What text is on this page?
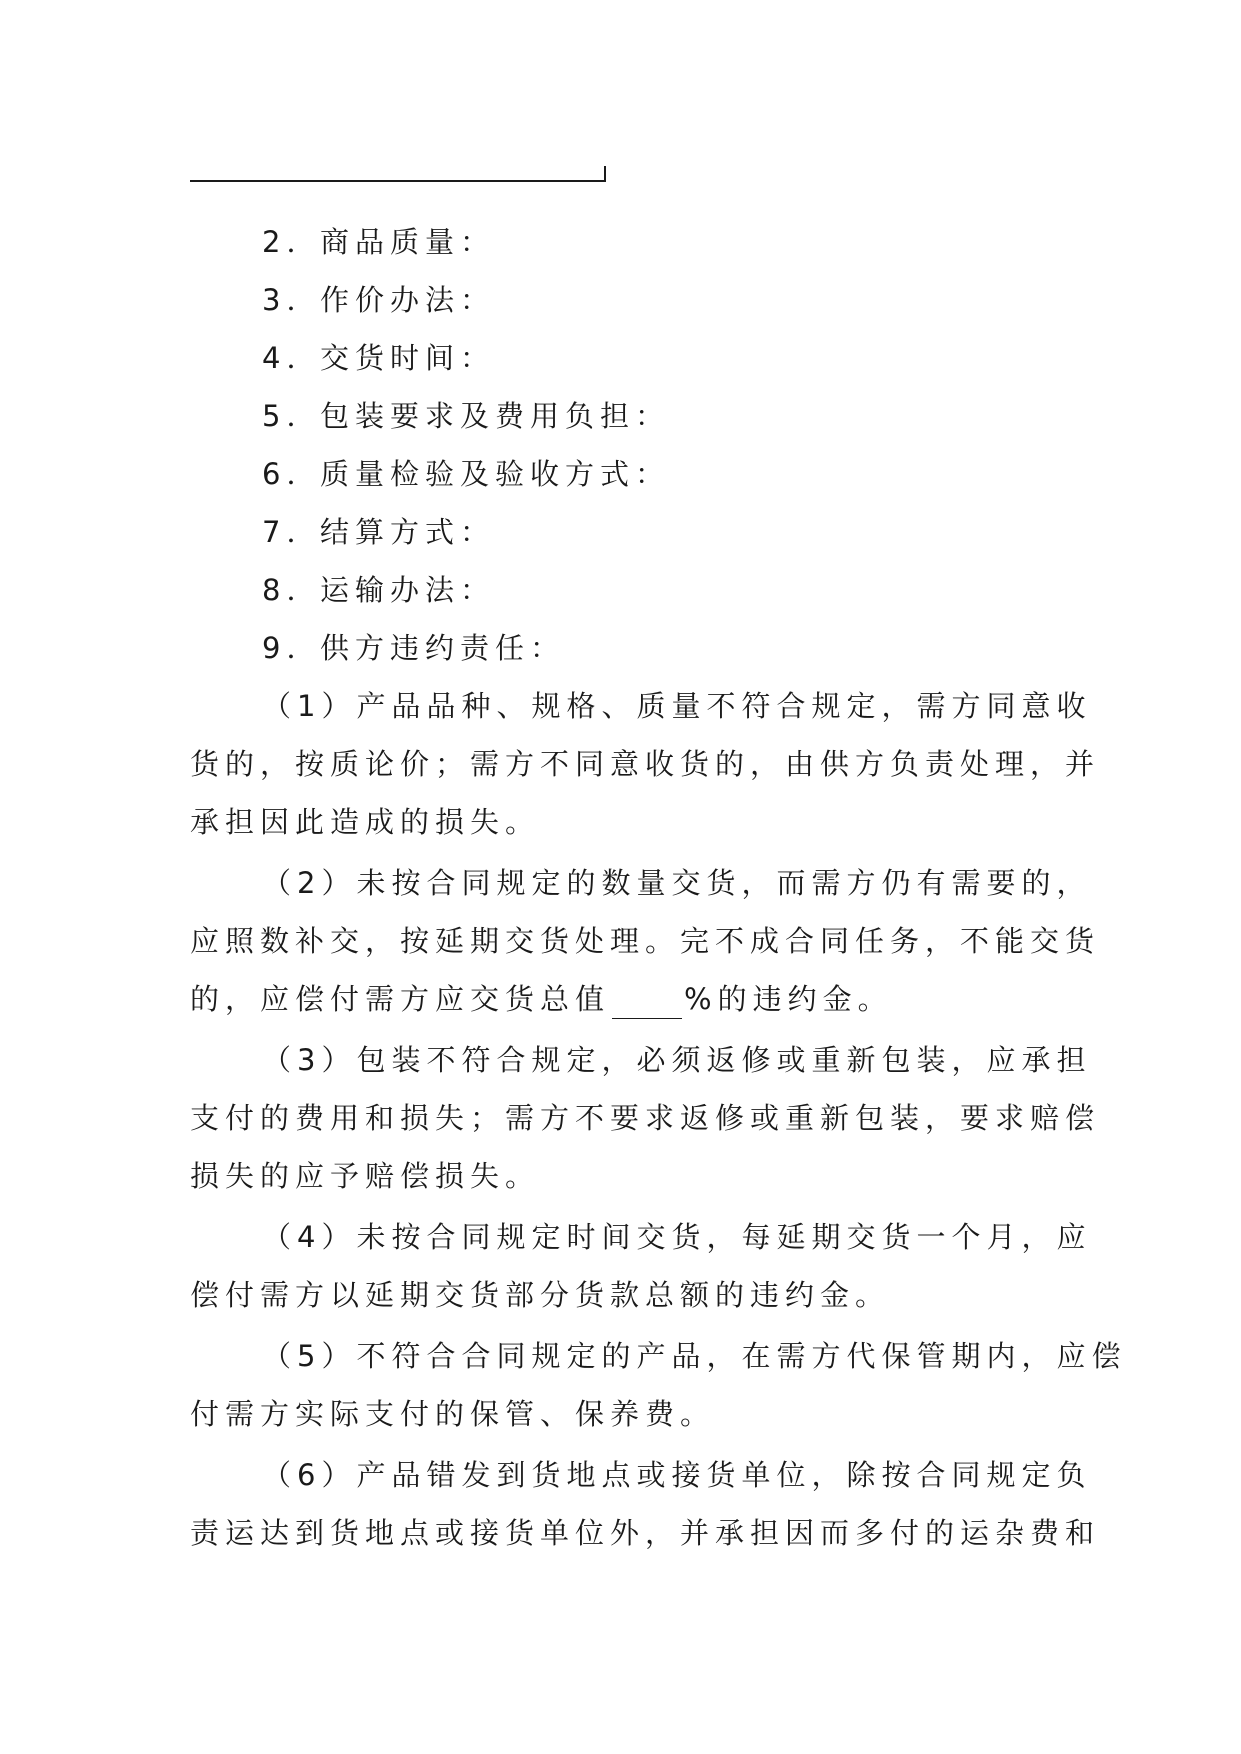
2．商品质量：
3．作价办法：
4．交货时间：
5．包装要求及费用负担：
6．质量检验及验收方式：
7．结算方式：
8．运输办法：
9．供方违约责任：
（1）产品品种、规格、质量不符合规定，需方同意收
货的，按质论价；需方不同意收货的，由供方负责处理，并
承担因此造成的损失。
（2）未按合同规定的数量交货，而需方仍有需要的，
应照数补交，按延期交货处理。完不成合同任务，不能交货
的，应偿付需方应交货总值	%的违约金。
（3）包装不符合规定，必须返修或重新包装，应承担
支付的费用和损失；需方不要求返修或重新包装，要求赔偿
损失的应予赔偿损失。
（4）未按合同规定时间交货，每延期交货一个月，应
偿付需方以延期交货部分货款总额的违约金。
（5）不符合合同规定的产品，在需方代保管期内，应偿
付需方实际支付的保管、保养费。
（6）产品错发到货地点或接货单位，除按合同规定负
责运达到货地点或接货单位外，并承担因而多付的运杂费和
